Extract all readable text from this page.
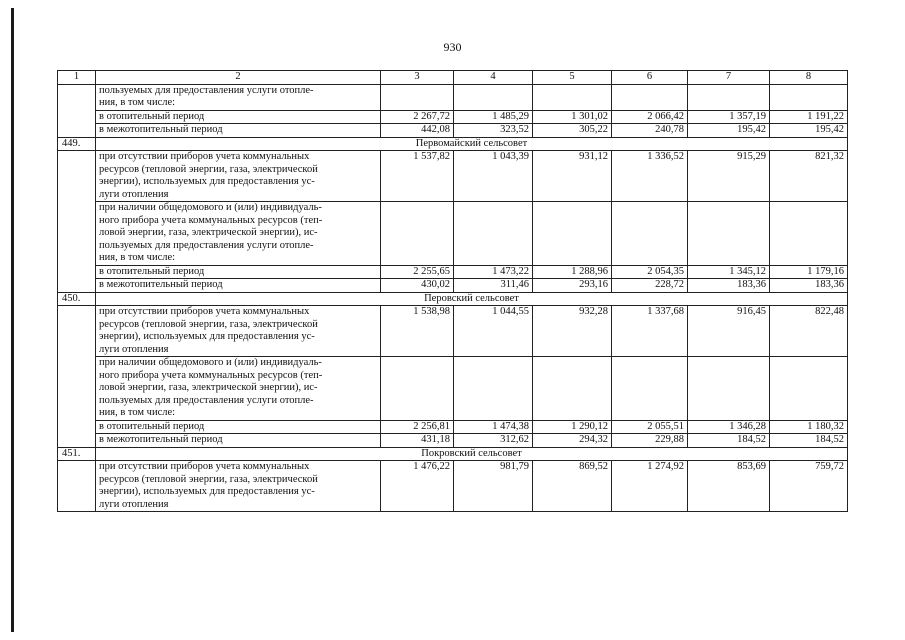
930
1	2	3	4	5	6	7	8

	пользуемых для предоставления услуги отопле-
ния, в том числе:						

	в отопительный период	2 267,72	1 485,29	1 301,02	2 066,42	1 357,19	1 191,22

	в межотопительный период	442,08	323,52	305,22	240,78	195,42	195,42
449.	Первомайский сельсовет						

	при отсутствии приборов учета коммунальных
ресурсов (тепловой энергии, газа, электрической
энергии), используемых для предоставления ус-
луги отопления	1 537,82	1 043,39	931,12	1 336,52	915,29	821,32

	при наличии общедомового и (или) индивидуаль-
ного прибора учета коммунальных ресурсов (теп-
ловой энергии, газа, электрической энергии), ис-
пользуемых для предоставления услуги отопле-
ния, в том числе:						

	в отопительный период	2 255,65	1 473,22	1 288,96	2 054,35	1 345,12	1 179,16

	в межотопительный период	430,02	311,46	293,16	228,72	183,36	183,36
450.	Перовский сельсовет						

	при отсутствии приборов учета коммунальных
ресурсов (тепловой энергии, газа, электрической
энергии), используемых для предоставления ус-
луги отопления	1 538,98	1 044,55	932,28	1 337,68	916,45	822,48

	при наличии общедомового и (или) индивидуаль-
ного прибора учета коммунальных ресурсов (теп-
ловой энергии, газа, электрической энергии), ис-
пользуемых для предоставления услуги отопле-
ния, в том числе:						

	в отопительный период	2 256,81	1 474,38	1 290,12	2 055,51	1 346,28	1 180,32

	в межотопительный период	431,18	312,62	294,32	229,88	184,52	184,52
451.	Покровский сельсовет						

	при отсутствии приборов учета коммунальных
ресурсов (тепловой энергии, газа, электрической
энергии), используемых для предоставления ус-
луги отопления	1 476,22	981,79	869,52	1 274,92	853,69	759,72
